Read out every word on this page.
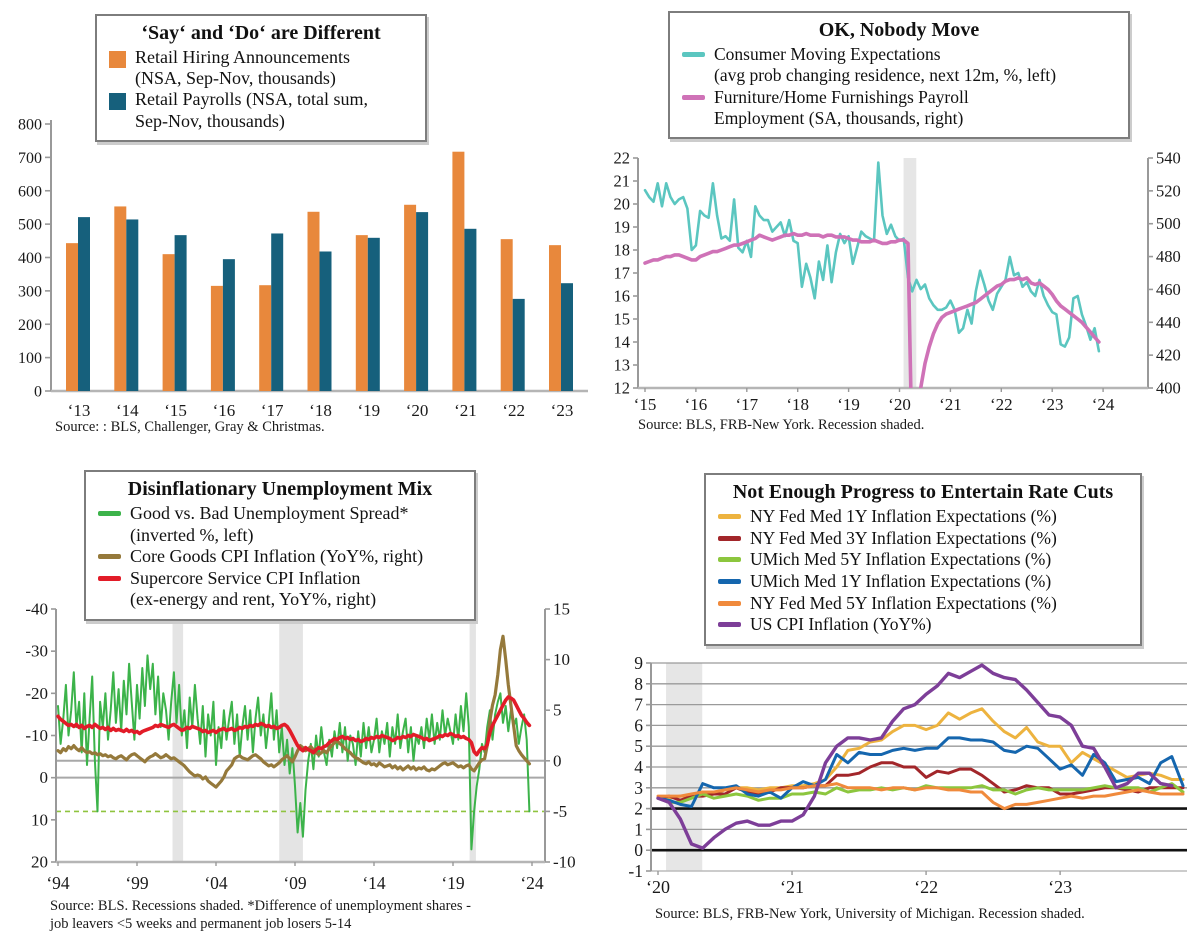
‘13 ‘14 ‘15 ‘16 ‘17 ‘18 ‘19 ‘20 ‘21 ‘22 ‘23
Source: : BLS, Challenger, Gray & Christmas.
0
100
200
300
400
500
600
700
800
22
21
20
19
18
17
16
15
14
13
12
540
520
500
480
460
440
420
400
‘15 ‘16 ‘17 ‘18 ‘19 ‘20 ‘21 ‘22 ‘23 ‘24
Source: BLS, FRB-New York. Recession shaded.
-40
-30
-20
-10
0
10
20
15
10
5
0
-5
-10
‘94	‘99	‘04	‘09	‘14	‘19	‘24
Source: BLS. Recessions shaded. *Difference of unemployment shares -
job leavers <5 weeks and permanent job losers 5-14
9
8
7
6
5
4
3
2
1
0
-1
‘20	‘21	‘22	‘23
Source: BLS, FRB-New York, University of Michigan. Recession shaded.
‘Say‘ and ‘Do‘ are Different
Retail Hiring Announcements
(NSA, Sep-Nov, thousands)
Retail Payrolls (NSA, total sum,
Sep-Nov, thousands)
OK, Nobody Move
Consumer Moving Expectations
(avg prob changing residence, next 12m, %, left)
Furniture/Home Furnishings Payroll
Employment (SA, thousands, right)
Disinflationary Unemployment Mix
Good vs. Bad Unemployment Spread*
(inverted %, left)
Core Goods CPI Inflation (YoY%, right)
Supercore Service CPI Inflation
(ex-energy and rent, YoY%, right)
Not Enough Progress to Entertain Rate Cuts
NY Fed Med 1Y Inflation Expectations (%)
NY Fed Med 3Y Inflation Expectations (%)
UMich Med 5Y Inflation Expectations (%)
UMich Med 1Y Inflation Expectations (%)
NY Fed Med 5Y Inflation Expectations (%)
US CPI Inflation (YoY%)
